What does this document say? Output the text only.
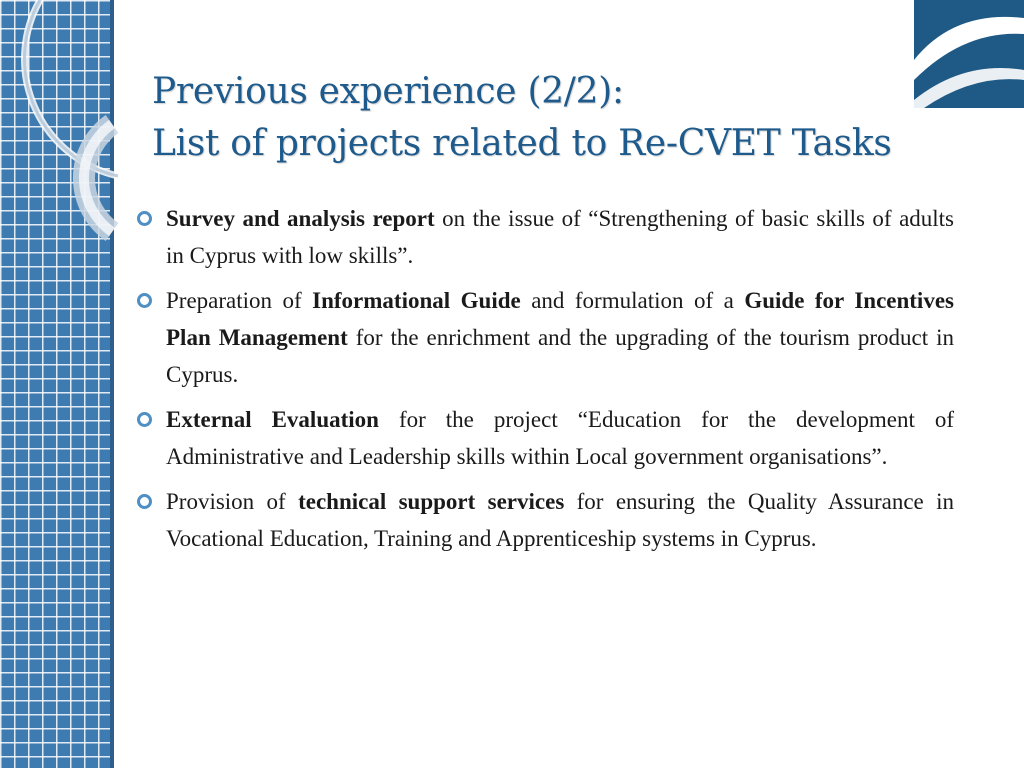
Previous experience (2/2):
List of projects related to Re-CVET Tasks
Survey and analysis report on the issue of “Strengthening of basic skills of adults in Cyprus with low skills”.
Preparation of Informational Guide and formulation of a Guide for Incentives Plan Management for the enrichment and the upgrading of the tourism product in Cyprus.
External Evaluation for the project “Education for the development of Administrative and Leadership skills within Local government organisations”.
Provision of technical support services for ensuring the Quality Assurance in Vocational Education, Training and Apprenticeship systems in Cyprus.
